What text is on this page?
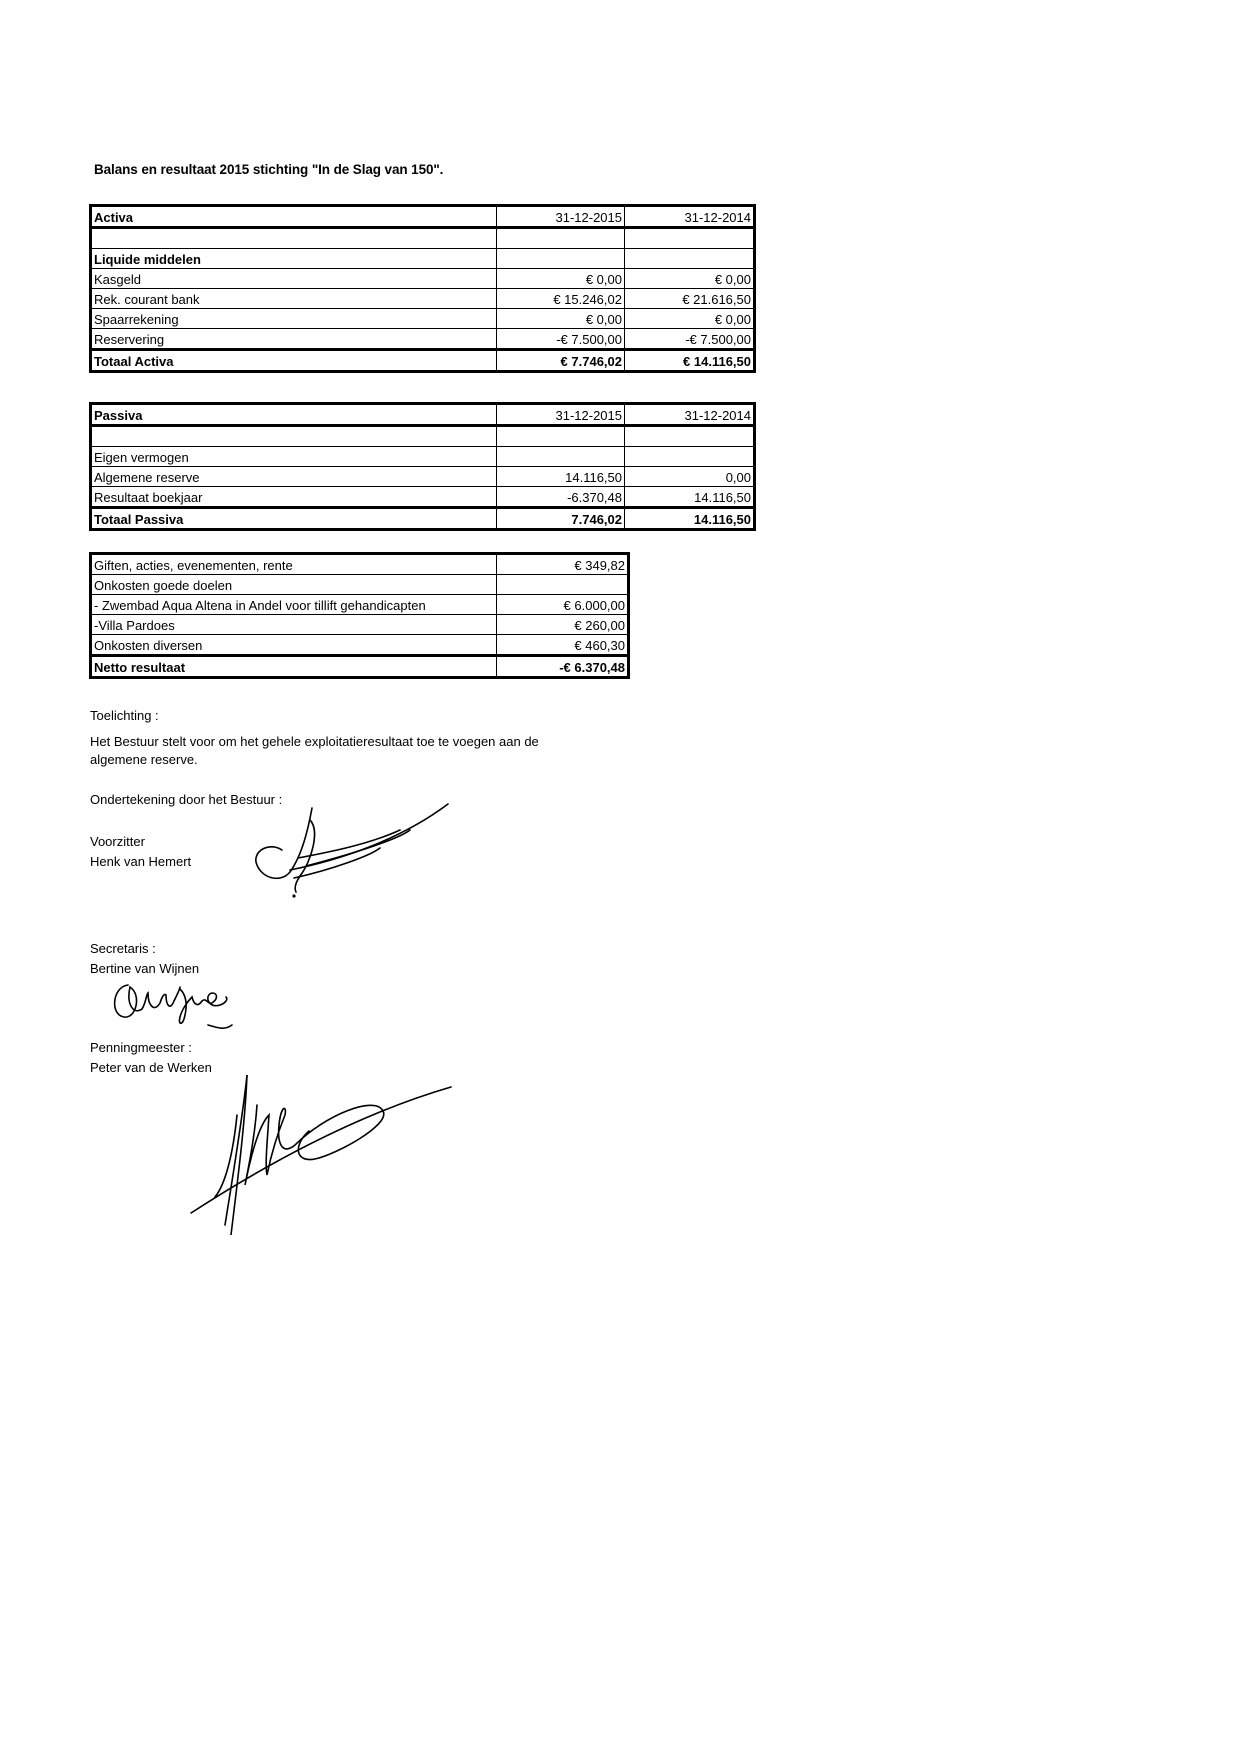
Balans en resultaat 2015 stichting "In de Slag van 150".
Activa	31-12-2015	31-12-2014

Liquide middelen		
Kasgeld	€ 0,00	€ 0,00
Rek. courant bank	€ 15.246,02	€ 21.616,50
Spaarrekening	€ 0,00	€ 0,00
Reservering	-€ 7.500,00	-€ 7.500,00
Totaal Activa	€ 7.746,02	€ 14.116,50
Passiva	31-12-2015	31-12-2014

Eigen vermogen		
Algemene reserve	14.116,50	0,00
Resultaat boekjaar	-6.370,48	14.116,50
Totaal Passiva	7.746,02	14.116,50
Giften, acties, evenementen, rente	€ 349,82
Onkosten goede doelen	
- Zwembad Aqua Altena in Andel voor tillift gehandicapten	€ 6.000,00
-Villa Pardoes	€ 260,00
Onkosten diversen	€ 460,30
Netto resultaat	-€ 6.370,48
Toelichting :
Het Bestuur stelt voor om het gehele exploitatieresultaat toe te voegen aan de
algemene reserve.
Ondertekening door het Bestuur :
Voorzitter
Henk van Hemert
Secretaris :
Bertine van Wijnen
Penningmeester :
Peter van de Werken
